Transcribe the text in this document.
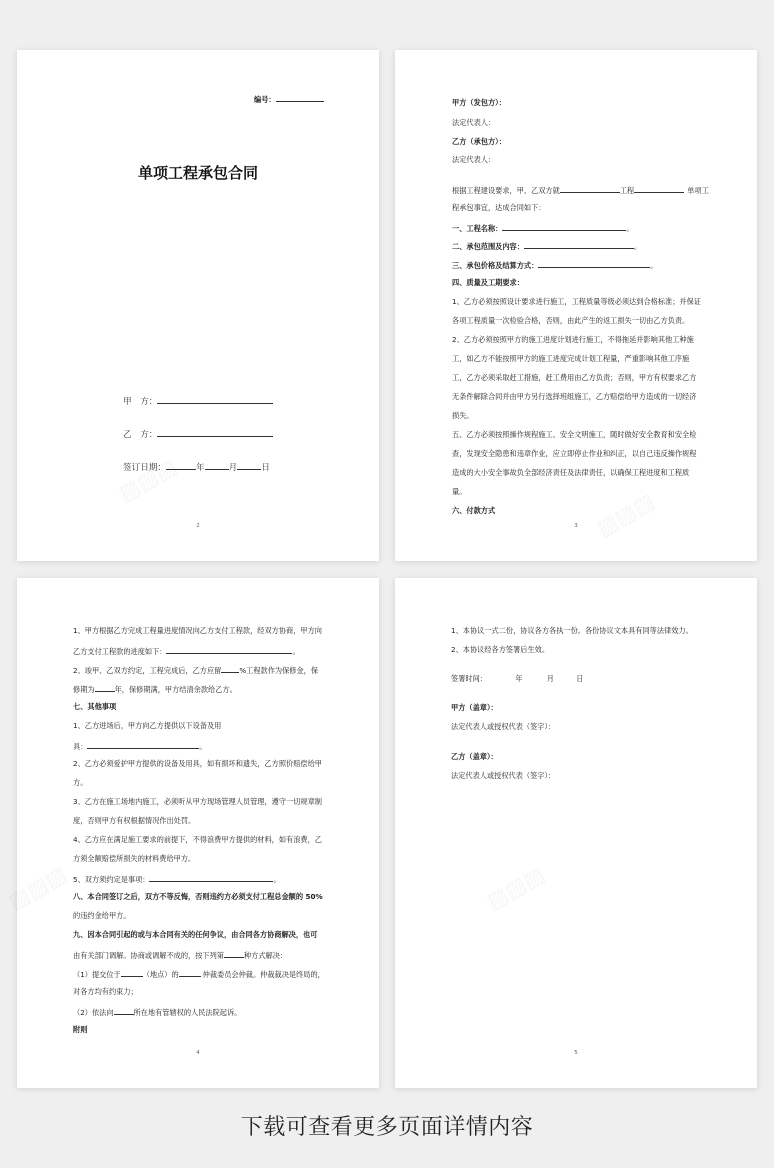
编号：
单项工程承包合同
甲　方：
乙　方：
签订日期：	年	月	日
2
甲方（发包方）：
法定代表人：
乙方（承包方）：
法定代表人：
根据工程建设要求，甲、乙双方就	工程	单项工
程承包事宜，达成合同如下：
一、工程名称：	。
二、承包范围及内容：	。
三、承包价格及结算方式：	。
四、质量及工期要求：
1、乙方必须按照设计要求进行施工，工程质量等级必须达到合格标准；并保证
各项工程质量一次检验合格，否则，由此产生的返工损失一切由乙方负责。
2、乙方必须按照甲方的施工进度计划进行施工，不得拖延并影响其他工种施
工，如乙方不能按照甲方的施工进度完成计划工程量，严重影响其他工序施
工，乙方必须采取赶工措施，赶工费用由乙方负责；否则，甲方有权要求乙方
无条件解除合同并由甲方另行选择班组施工，乙方赔偿给甲方造成的一切经济
损失。
五、乙方必须按照操作规程施工、安全文明施工，随时做好安全教育和安全检
查，发现安全隐患和违章作业，应立即停止作业和纠正，以自己违反操作规程
造成的大小安全事故负全部经济责任及法律责任，以确保工程进度和工程质
量。
六、付款方式
3
1、甲方根据乙方完成工程量进度情况向乙方支付工程款，经双方协商，甲方向
乙方支付工程款的进度如下：	。
2、竣甲、乙双方约定，工程完成后，乙方应留	%工程款作为保修金，保
修期为	年，保修期满，甲方结清余款给乙方。
七、其他事项
1、乙方进场后，甲方向乙方提供以下设备及用
具：	。
2、乙方必须爱护甲方提供的设备及用具，如有损坏和遗失，乙方照价赔偿给甲
方。
3、乙方在施工场地内施工，必须听从甲方现场管理人员管理，遵守一切规章制
度，否则甲方有权根据情况作出处罚。
4、乙方应在满足施工要求的前提下，不得浪费甲方提供的材料，如有浪费，乙
方须全额赔偿所损失的材料费给甲方。
5、双方须约定是事项：	。
八、本合同签订之后，双方不等反悔，否则违约方必须支付工程总金额的 50%
的违约金给甲方。
九、因本合同引起的或与本合同有关的任何争议，由合同各方协商解决，也可
由有关部门调解。协商或调解不成的，按下列第	种方式解决：
（1）提交位于	（地点）的	仲裁委员会仲裁。仲裁裁决是终局的，
对各方均有约束力；
（2）依法向	所在地有管辖权的人民法院起诉。
附则
4
1、本协议一式二份，协议各方各执一份。各份协议文本具有同等法律效力。
2、本协议经各方签署后生效。
签署时间：	年	月	日
甲方（盖章）：
法定代表人或授权代表（签字）：
乙方（盖章）：
法定代表人或授权代表（签字）：
5
下载可查看更多页面详情内容
